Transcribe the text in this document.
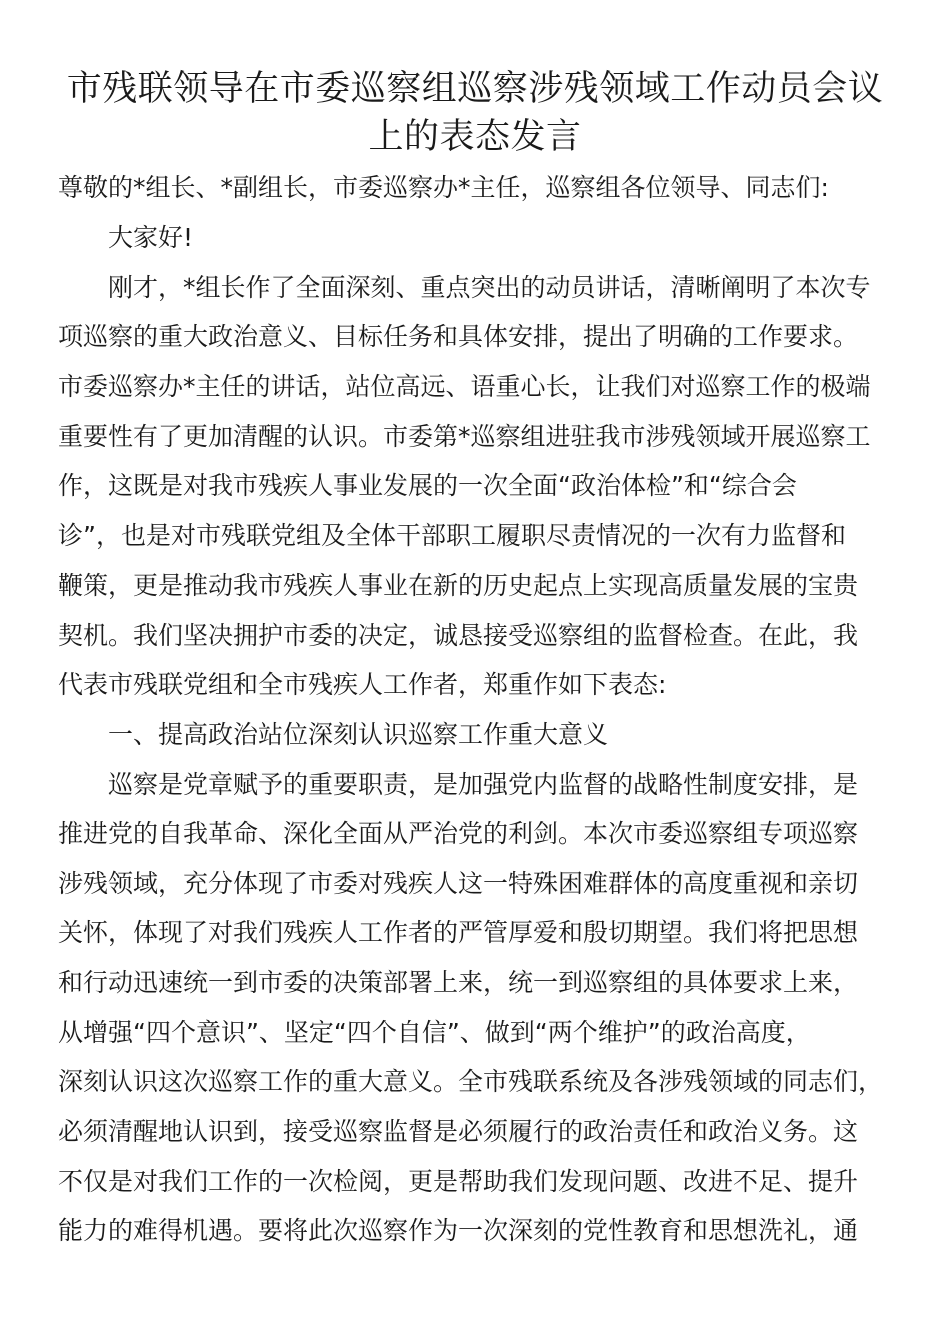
市残联领导在市委巡察组巡察涉残领域工作动员会议
上的表态发言

尊敬的*组长、*副组长，市委巡察办*主任，巡察组各位领导、同志们:

大家好!

刚才，*组长作了全面深刻、重点突出的动员讲话，清晰阐明了本次专

项巡察的重大政治意义、目标任务和具体安排，提出了明确的工作要求。

市委巡察办*主任的讲话，站位高远、语重心长，让我们对巡察工作的极端

重要性有了更加清醒的认识。市委第*巡察组进驻我市涉残领域开展巡察工

作，这既是对我市残疾人事业发展的一次全面“政治体检”和“综合会

诊”，也是对市残联党组及全体干部职工履职尽责情况的一次有力监督和

鞭策，更是推动我市残疾人事业在新的历史起点上实现高质量发展的宝贵

契机。我们坚决拥护市委的决定，诚恳接受巡察组的监督检查。在此，我

代表市残联党组和全市残疾人工作者，郑重作如下表态:

一、提高政治站位深刻认识巡察工作重大意义

巡察是党章赋予的重要职责，是加强党内监督的战略性制度安排，是

推进党的自我革命、深化全面从严治党的利剑。本次市委巡察组专项巡察

涉残领域，充分体现了市委对残疾人这一特殊困难群体的高度重视和亲切

关怀，体现了对我们残疾人工作者的严管厚爱和殷切期望。我们将把思想

和行动迅速统一到市委的决策部署上来，统一到巡察组的具体要求上来，

从增强“四个意识”、坚定“四个自信”、做到“两个维护”的政治高度，

深刻认识这次巡察工作的重大意义。全市残联系统及各涉残领域的同志们，

必须清醒地认识到，接受巡察监督是必须履行的政治责任和政治义务。这

不仅是对我们工作的一次检阅，更是帮助我们发现问题、改进不足、提升

能力的难得机遇。要将此次巡察作为一次深刻的党性教育和思想洗礼，通
